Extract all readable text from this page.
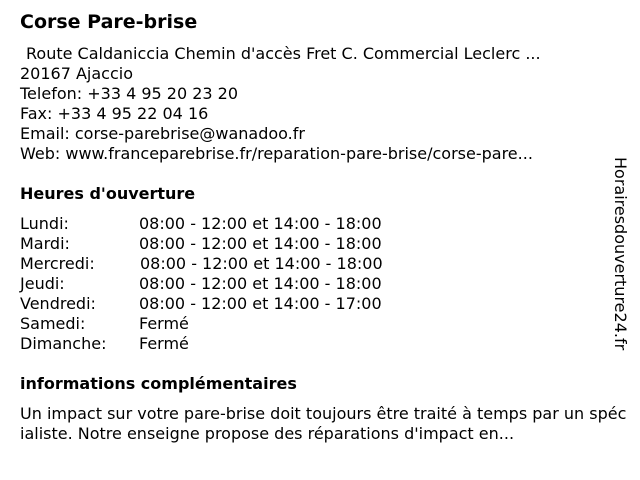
Corse Pare-brise
Route Caldaniccia Chemin d'accès Fret C. Commercial Leclerc ...
20167 Ajaccio
Telefon: +33 4 95 20 23 20
Fax: +33 4 95 22 04 16
Email: corse-parebrise@wanadoo.fr
Web: www.franceparebrise.fr/reparation-pare-brise/corse-pare...
Heures d'ouverture
Lundi:	08:00 - 12:00 et 14:00 - 18:00
Mardi:	08:00 - 12:00 et 14:00 - 18:00
Mercredi:	08:00 - 12:00 et 14:00 - 18:00
Jeudi:	08:00 - 12:00 et 14:00 - 18:00
Vendredi:	08:00 - 12:00 et 14:00 - 17:00
Samedi:	Fermé
Dimanche: Fermé
informations complémentaires
Un impact sur votre pare-brise doit toujours être traité à temps par un spécialiste. Notre enseigne propose des réparations d'impact en...
Horairesdouverture24.fr
